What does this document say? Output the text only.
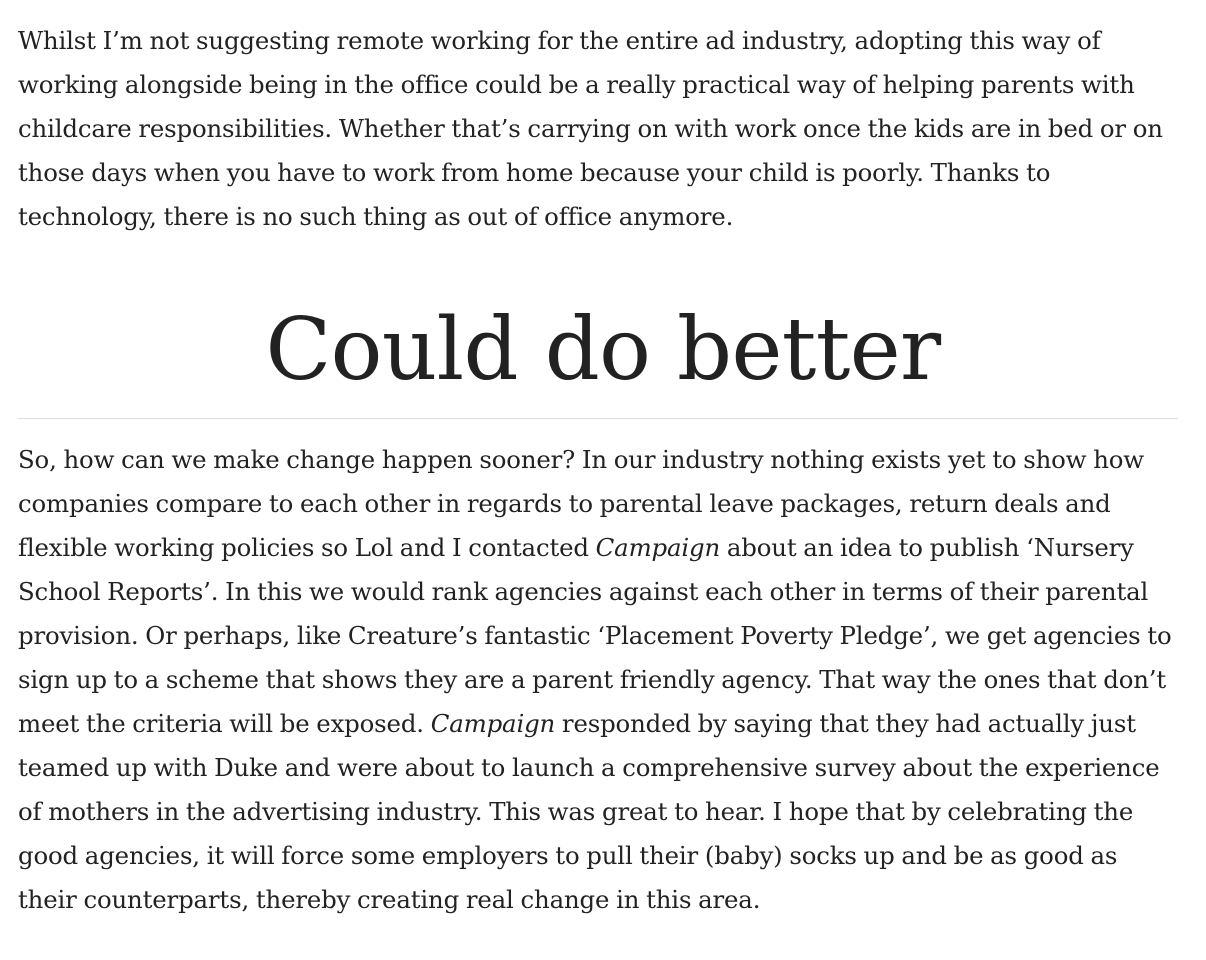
Whilst I’m not suggesting remote working for the entire ad industry, adopting this way of working alongside being in the office could be a really practical way of helping parents with childcare responsibilities. Whether that’s carrying on with work once the kids are in bed or on those days when you have to work from home because your child is poorly. Thanks to technology, there is no such thing as out of office anymore.

Could do better

So, how can we make change happen sooner? In our industry nothing exists yet to show how companies compare to each other in regards to parental leave packages, return deals and flexible working policies so Lol and I contacted Campaign about an idea to publish ‘Nursery School Reports’. In this we would rank agencies against each other in terms of their parental provision. Or perhaps, like Creature’s fantastic ‘Placement Poverty Pledge’, we get agencies to sign up to a scheme that shows they are a parent friendly agency. That way the ones that don’t meet the criteria will be exposed. Campaign responded by saying that they had actually just teamed up with Duke and were about to launch a comprehensive survey about the experience of mothers in the advertising industry. This was great to hear. I hope that by celebrating the good agencies, it will force some employers to pull their (baby) socks up and be as good as their counterparts, thereby creating real change in this area.
